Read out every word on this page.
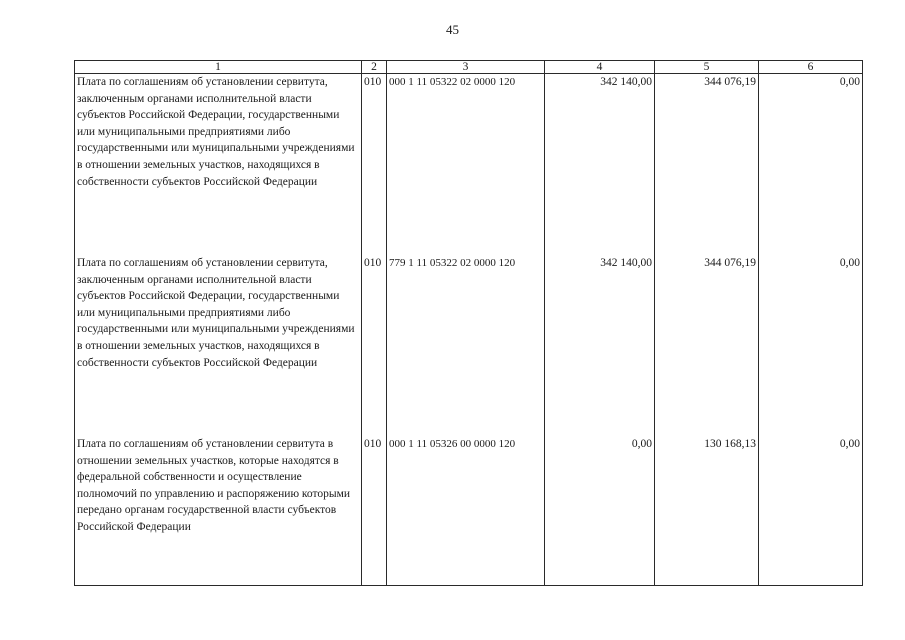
45
1	2	3	4	5	6
Плата по соглашениям об установлении сервитута, заключенным органами исполнительной власти субъектов Российской Федерации, государственными или муниципальными предприятиями либо государственными или муниципальными учреждениями в отношении земельных участков, находящихся в собственности субъектов Российской Федерации	010	000 1 11 05322 02 0000 120	342 140,00	344 076,19	0,00
Плата по соглашениям об установлении сервитута, заключенным органами исполнительной власти субъектов Российской Федерации, государственными или муниципальными предприятиями либо государственными или муниципальными учреждениями в отношении земельных участков, находящихся в собственности субъектов Российской Федерации	010	779 1 11 05322 02 0000 120	342 140,00	344 076,19	0,00
Плата по соглашениям об установлении сервитута в отношении земельных участков, которые находятся в федеральной собственности и осуществление полномочий по управлению и распоряжению которыми передано органам государственной власти субъектов Российской Федерации	010	000 1 11 05326 00 0000 120	0,00	130 168,13	0,00
